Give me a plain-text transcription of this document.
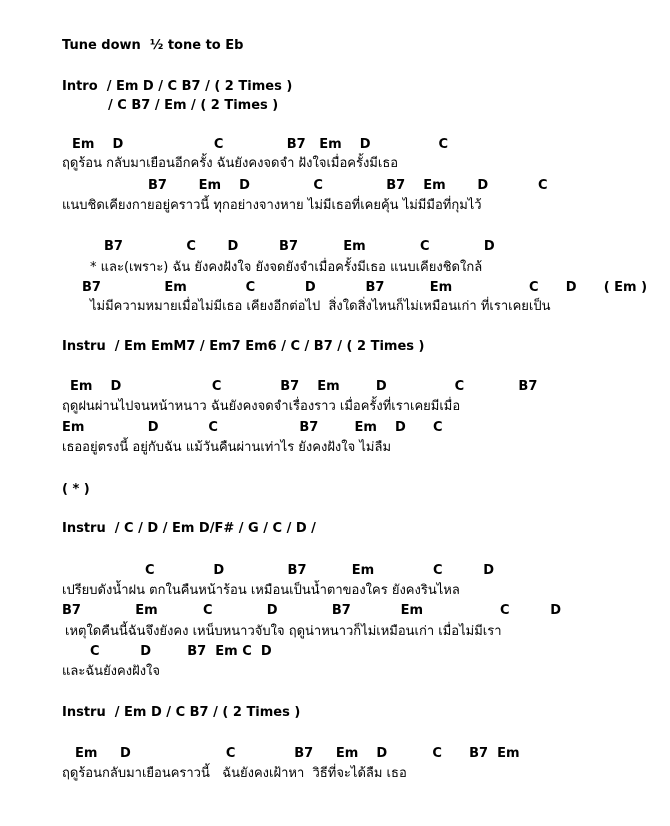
Tune down  ½ tone to Eb
Intro  / Em D / C B7 / ( 2 Times )
/ C B7 / Em / ( 2 Times )
Em    D                    C              B7   Em    D               C
ฤดูร้อน กลับมาเยือนอีกครั้ง ฉันยังคงจดจำ ฝังใจเมื่อครั้งมีเธอ
B7       Em    D              C              B7    Em       D           C
แนบชิดเคียงกายอยู่คราวนี้ ทุกอย่างจางหาย ไม่มีเธอที่เคยคุ้น ไม่มีมือที่กุมไว้
B7              C       D         B7          Em            C            D
* และ(เพราะ) ฉัน ยังคงฝังใจ ยังจดยังจำเมื่อครั้งมีเธอ แนบเคียงชิดใกล้
B7              Em             C           D           B7          Em                 C      D      ( Em )
ไม่มีความหมายเมื่อไม่มีเธอ เคียงอีกต่อไป  สิ่งใดสิ่งไหนก็ไม่เหมือนเก่า ที่เราเคยเป็น
Instru  / Em EmM7 / Em7 Em6 / C / B7 / ( 2 Times )
Em    D                    C             B7    Em        D               C            B7
ฤดูฝนผ่านไปจนหน้าหนาว ฉันยังคงจดจำเรื่องราว เมื่อครั้งที่เราเคยมีเมื่อ
Em              D           C                  B7        Em    D      C
เธออยู่ตรงนี้ อยู่กับฉัน แม้วันคืนผ่านเท่าไร ยังคงฝังใจ ไม่ลืม
( * )
Instru  / C / D / Em D/F# / G / C / D /
C             D              B7          Em             C         D
เปรียบดังน้ำฝน ตกในคืนหน้าร้อน เหมือนเป็นน้ำตาของใคร ยังคงรินไหล
B7            Em          C            D            B7           Em                 C         D
เหตุใดคืนนี้ฉันจึงยังคง เหน็บหนาวจับใจ ฤดูน่าหนาวก็ไม่เหมือนเก่า เมื่อไม่มีเรา
C         D        B7  Em C  D
และฉันยังคงฝังใจ
Instru  / Em D / C B7 / ( 2 Times )
Em     D                     C             B7     Em    D          C      B7  Em
ฤดูร้อนกลับมาเยือนคราวนี้   ฉันยังคงเฝ้าหา  วิธีที่จะได้ลืม เธอ
